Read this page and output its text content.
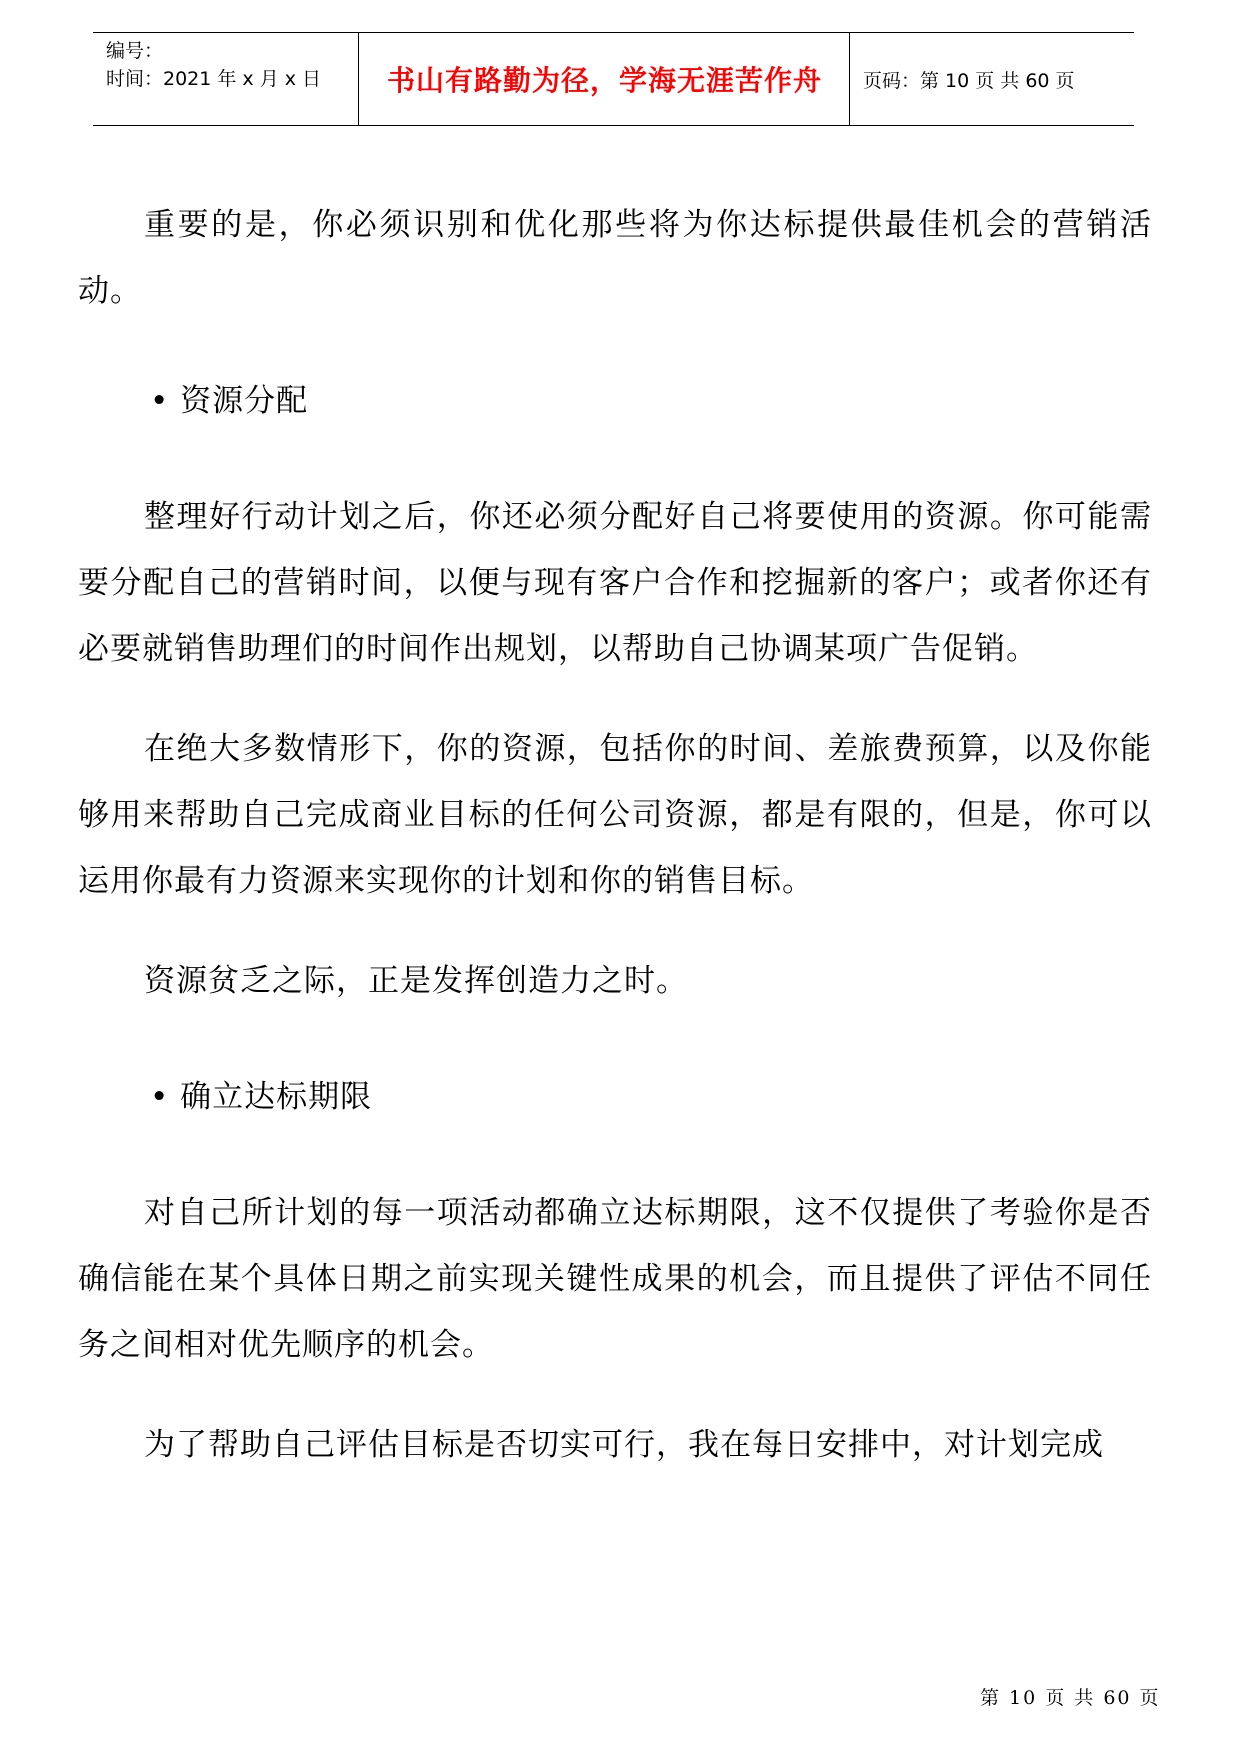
编号：
时间：2021 年 x 月 x 日	书山有路勤为径，学海无涯苦作舟	页码：第 10 页 共 60 页

重要的是，你必须识别和优化那些将为你达标提供最佳机会的营销活动。

• 资源分配

整理好行动计划之后，你还必须分配好自己将要使用的资源。你可能需要分配自己的营销时间，以便与现有客户合作和挖掘新的客户；或者你还有必要就销售助理们的时间作出规划，以帮助自己协调某项广告促销。

在绝大多数情形下，你的资源，包括你的时间、差旅费预算，以及你能够用来帮助自己完成商业目标的任何公司资源，都是有限的，但是，你可以运用你最有力资源来实现你的计划和你的销售目标。

资源贫乏之际，正是发挥创造力之时。

• 确立达标期限

对自己所计划的每一项活动都确立达标期限，这不仅提供了考验你是否确信能在某个具体日期之前实现关键性成果的机会，而且提供了评估不同任务之间相对优先顺序的机会。

为了帮助自己评估目标是否切实可行，我在每日安排中，对计划完成

第 10 页 共 60 页
